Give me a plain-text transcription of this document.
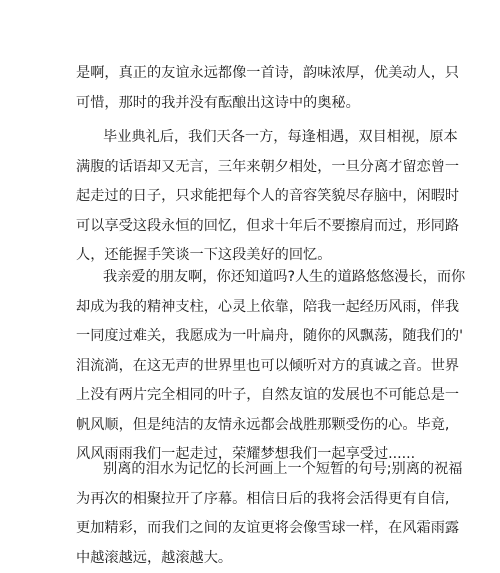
是啊，真正的友谊永远都像一首诗，韵味浓厚，优美动人，只
可惜，那时的我并没有酝酿出这诗中的奥秘。
毕业典礼后，我们天各一方，每逢相遇，双目相视，原本
满腹的话语却又无言，三年来朝夕相处，一旦分离才留恋曾一
起走过的日子，只求能把每个人的音容笑貌尽存脑中，闲暇时
可以享受这段永恒的回忆，但求十年后不要擦肩而过，形同路
人，还能握手笑谈一下这段美好的回忆。
我亲爱的朋友啊，你还知道吗?人生的道路悠悠漫长，而你
却成为我的精神支柱，心灵上依靠，陪我一起经历风雨，伴我
一同度过难关，我愿成为一叶扁舟，随你的风飘荡，随我们的'
泪流淌，在这无声的世界里也可以倾听对方的真诚之音。世界
上没有两片完全相同的叶子，自然友谊的发展也不可能总是一
帆风顺，但是纯洁的友情永远都会战胜那颗受伤的心。毕竟,
风风雨雨我们一起走过，荣耀梦想我们一起享受过......
别离的泪水为记忆的长河画上一个短暂的句号;别离的祝福
为再次的相聚拉开了序幕。相信日后的我将会活得更有自信,
更加精彩，而我们之间的友谊更将会像雪球一样，在风霜雨露
中越滚越远，越滚越大。
